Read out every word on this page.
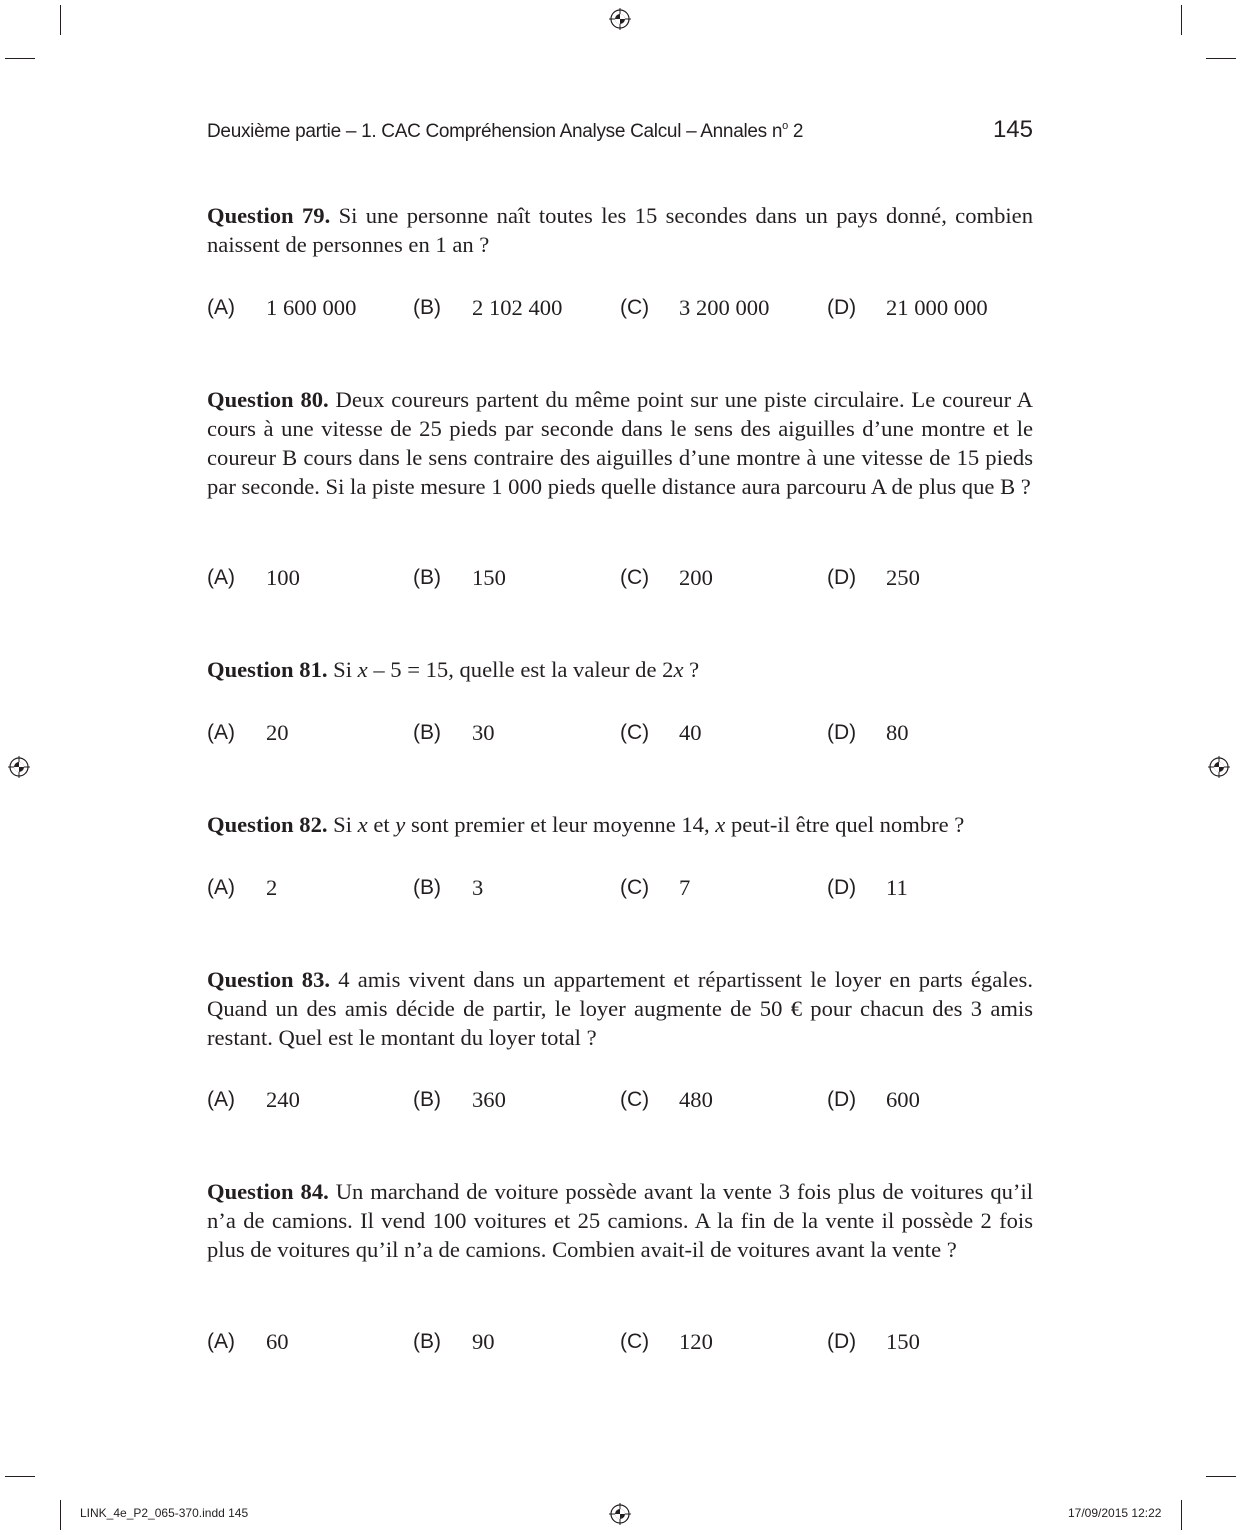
Deuxième partie – 1. CAC Compréhension Analyse Calcul – Annales $n^o$ 2	145
Question 79. Si une personne naît toutes les 15 secondes dans un pays donné, combien naissent de personnes en 1 an ?
(A) 1 600 000	(B) 2 102 400	(C) 3 200 000	(D) 21 000 000
Question 80. Deux coureurs partent du même point sur une piste circulaire. Le coureur A cours à une vitesse de 25 pieds par seconde dans le sens des aiguilles d’une montre et le coureur B cours dans le sens contraire des aiguilles d’une montre à une vitesse de 15 pieds par seconde. Si la piste mesure 1 000 pieds quelle distance aura parcouru A de plus que B ?
(A) 100	(B) 150	(C) 200	(D) 250
Question 81. Si x – 5 = 15, quelle est la valeur de 2x ?
(A) 20	(B) 30	(C) 40	(D) 80
Question 82. Si x et y sont premier et leur moyenne 14, x peut-il être quel nombre ?
(A) 2	(B) 3	(C) 7	(D) 11
Question 83. 4 amis vivent dans un appartement et répartissent le loyer en parts égales. Quand un des amis décide de partir, le loyer augmente de 50 € pour chacun des 3 amis restant. Quel est le montant du loyer total ?
(A) 240	(B) 360	(C) 480	(D) 600
Question 84. Un marchand de voiture possède avant la vente 3 fois plus de voitures qu’il n’a de camions. Il vend 100 voitures et 25 camions. A la fin de la vente il possède 2 fois plus de voitures qu’il n’a de camions. Combien avait-il de voitures avant la vente ?
(A) 60	(B) 90	(C) 120	(D) 150
LINK_4e_P2_065-370.indd 145	17/09/2015 12:22
